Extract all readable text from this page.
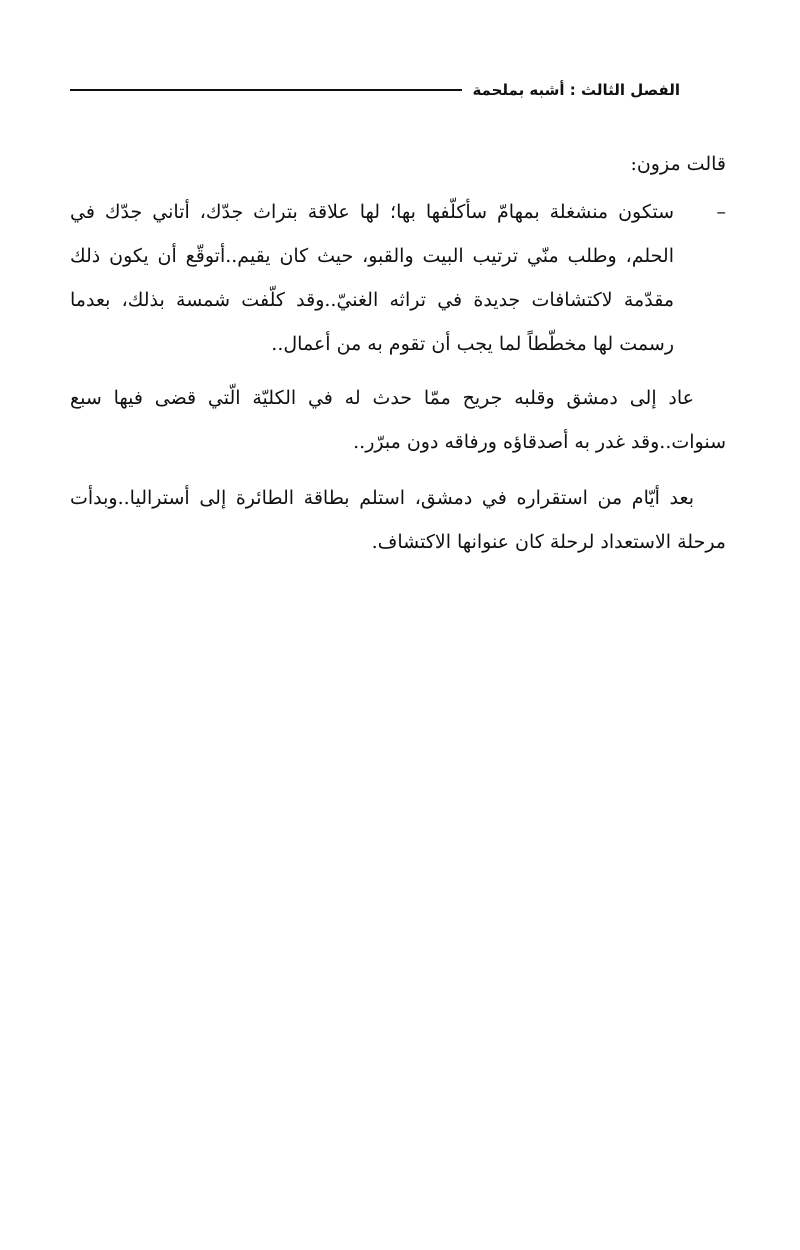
الفصل الثالث : أشبه بملحمة

قالت مزون:

–
ستكون منشغلة بمهامّ سأكلّفها بها؛ لها علاقة بتراث جدّك، أتاني جدّك في الحلم، وطلب منّي ترتيب البيت والقبو، حيث كان يقيم..أتوقّع أن يكون ذلك مقدّمة لاكتشافات جديدة في تراثه الغنيّ..وقد كلّفت شمسة بذلك، بعدما رسمت لها مخطّطاً لما يجب أن تقوم به من أعمال..

عاد إلى دمشق وقلبه جريح ممّا حدث له في الكليّة الّتي قضى فيها سبع سنوات..وقد غدر به أصدقاؤه ورفاقه دون مبرّر..

بعد أيّام من استقراره في دمشق، استلم بطاقة الطائرة إلى أستراليا..وبدأت مرحلة الاستعداد لرحلة كان عنوانها الاكتشاف.
